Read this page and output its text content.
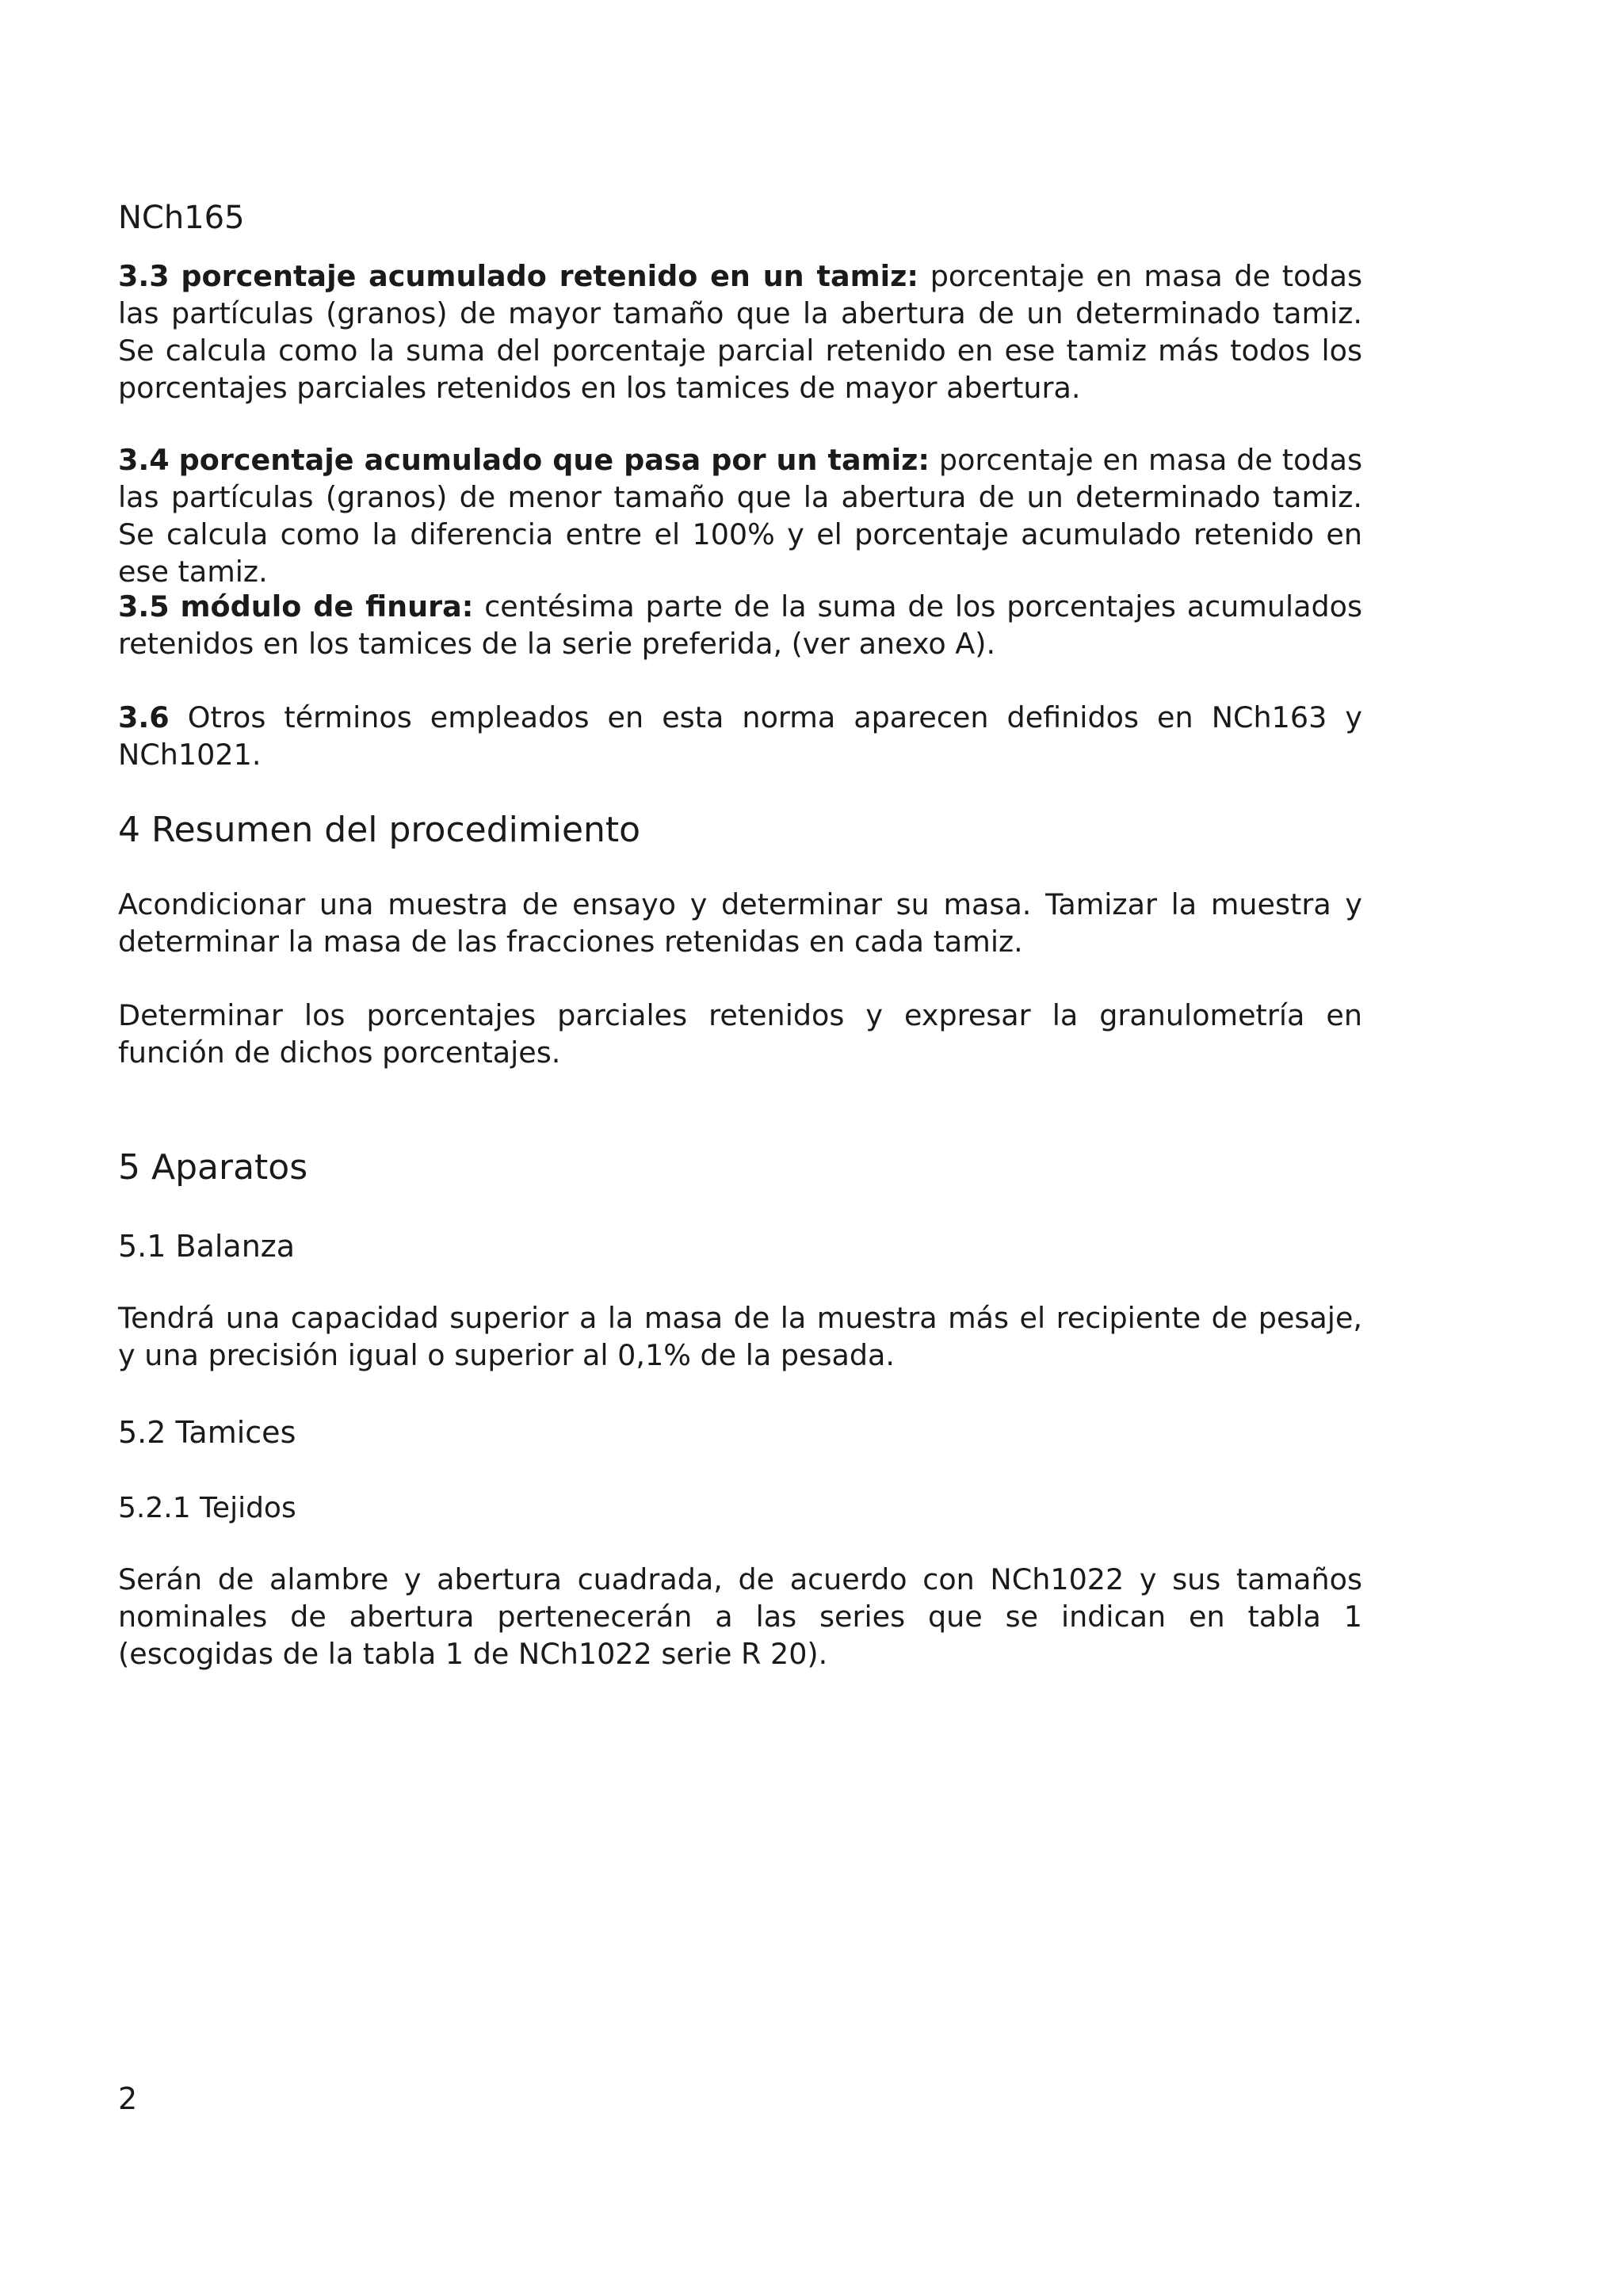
NCh165

3.3 porcentaje acumulado retenido en un tamiz: porcentaje en masa de todas las partículas (granos) de mayor tamaño que la abertura de un determinado tamiz. Se calcula como la suma del porcentaje parcial retenido en ese tamiz más todos los porcentajes parciales retenidos en los tamices de mayor abertura.

3.4 porcentaje acumulado que pasa por un tamiz: porcentaje en masa de todas las partículas (granos) de menor tamaño que la abertura de un determinado tamiz. Se calcula como la diferencia entre el 100% y el porcentaje acumulado retenido en ese tamiz.

3.5 módulo de finura: centésima parte de la suma de los porcentajes acumulados retenidos en los tamices de la serie preferida, (ver anexo A).

3.6 Otros términos empleados en esta norma aparecen definidos en NCh163 y NCh1021.

4 Resumen del procedimiento

Acondicionar una muestra de ensayo y determinar su masa. Tamizar la muestra y determinar la masa de las fracciones retenidas en cada tamiz.

Determinar los porcentajes parciales retenidos y expresar la granulometría en función de dichos porcentajes.

5 Aparatos
5.1 Balanza

Tendrá una capacidad superior a la masa de la muestra más el recipiente de pesaje, y una precisión igual o superior al 0,1% de la pesada.

5.2 Tamices
5.2.1 Tejidos

Serán de alambre y abertura cuadrada, de acuerdo con NCh1022 y sus tamaños nominales de abertura pertenecerán a las series que se indican en tabla 1 (escogidas de la tabla 1 de NCh1022 serie R 20).

2
